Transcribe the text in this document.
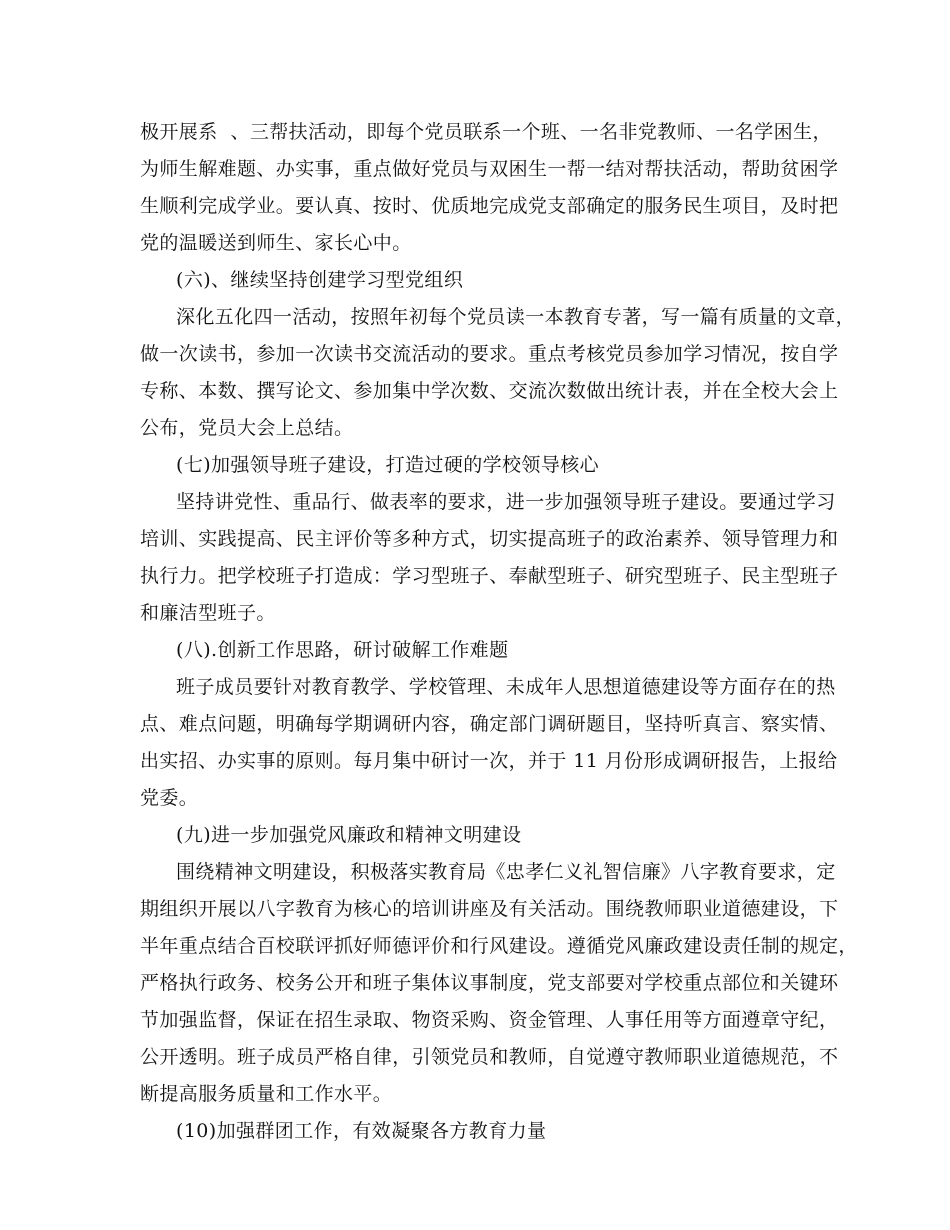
极开展系  、三帮扶活动，即每个党员联系一个班、一名非党教师、一名学困生，
为师生解难题、办实事，重点做好党员与双困生一帮一结对帮扶活动，帮助贫困学
生顺利完成学业。要认真、按时、优质地完成党支部确定的服务民生项目，及时把
党的温暖送到师生、家长心中。
(六)、继续坚持创建学习型党组织
深化五化四一活动，按照年初每个党员读一本教育专著，写一篇有质量的文章，
做一次读书，参加一次读书交流活动的要求。重点考核党员参加学习情况，按自学
专称、本数、撰写论文、参加集中学次数、交流次数做出统计表，并在全校大会上
公布，党员大会上总结。
(七)加强领导班子建设，打造过硬的学校领导核心
坚持讲党性、重品行、做表率的要求，进一步加强领导班子建设。要通过学习
培训、实践提高、民主评价等多种方式，切实提高班子的政治素养、领导管理力和
执行力。把学校班子打造成：学习型班子、奉献型班子、研究型班子、民主型班子
和廉洁型班子。
(八).创新工作思路，研讨破解工作难题
班子成员要针对教育教学、学校管理、未成年人思想道德建设等方面存在的热
点、难点问题，明确每学期调研内容，确定部门调研题目，坚持听真言、察实情、
出实招、办实事的原则。每月集中研讨一次，并于 11 月份形成调研报告，上报给
党委。
(九)进一步加强党风廉政和精神文明建设
围绕精神文明建设，积极落实教育局《忠孝仁义礼智信廉》八字教育要求，定
期组织开展以八字教育为核心的培训讲座及有关活动。围绕教师职业道德建设，下
半年重点结合百校联评抓好师德评价和行风建设。遵循党风廉政建设责任制的规定，
严格执行政务、校务公开和班子集体议事制度，党支部要对学校重点部位和关键环
节加强监督，保证在招生录取、物资采购、资金管理、人事任用等方面遵章守纪，
公开透明。班子成员严格自律，引领党员和教师，自觉遵守教师职业道德规范，不
断提高服务质量和工作水平。
(10)加强群团工作，有效凝聚各方教育力量
